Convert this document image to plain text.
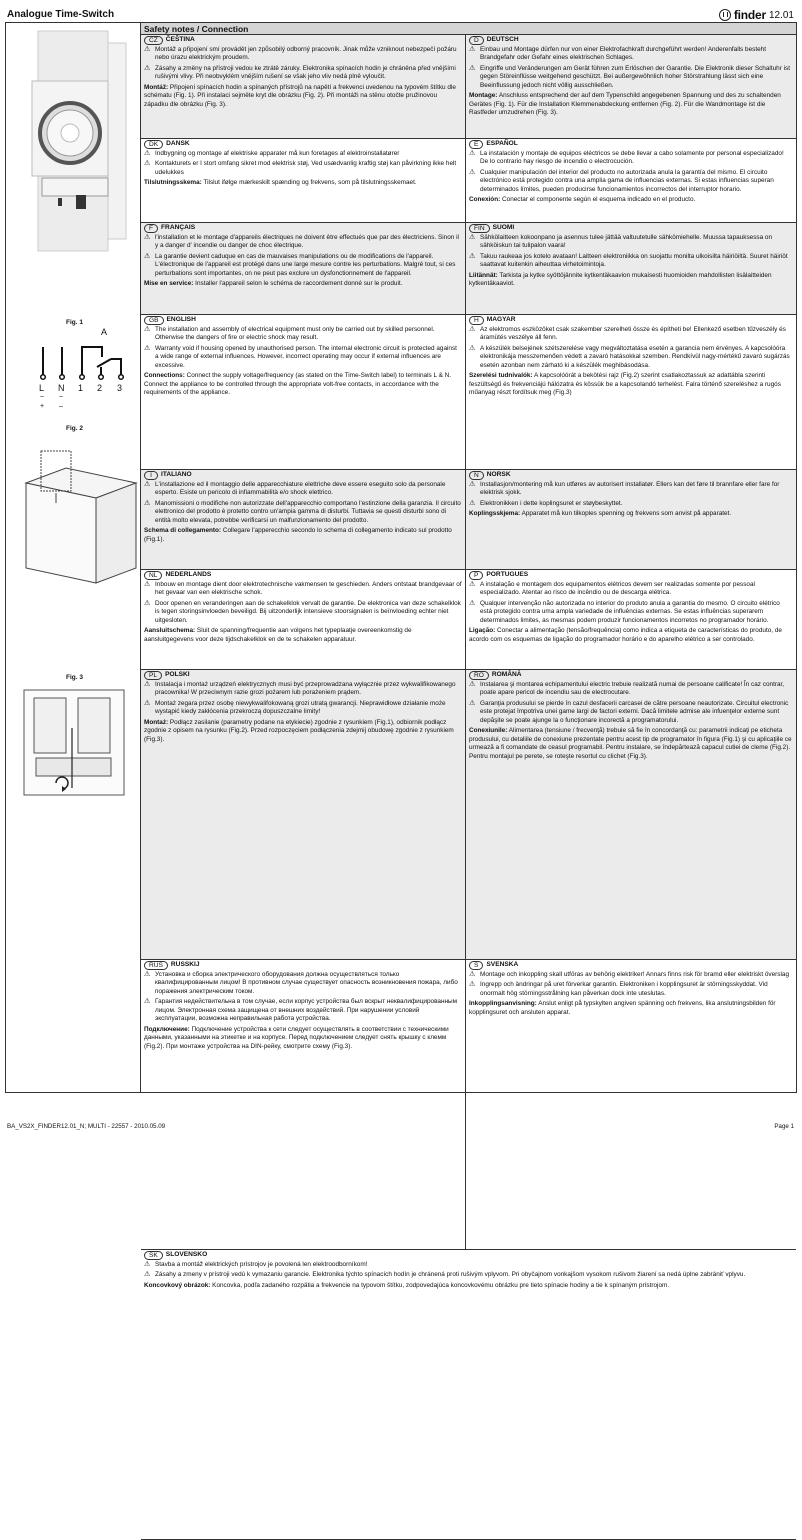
Analogue Time-Switch	finder 12.01
Fig. 1
A
L N 1 2 3
~ ~
+ –
Fig. 2
Fig. 3
Safety notes / Connection
CZ	ČEŠTINA
⚠ Montáž a připojení smí provádět jen způsobilý odborný pracovník. Jinak může vzniknout nebezpečí požáru nebo úrazu elektrickým proudem.
⚠ Zásahy a změny na přístroji vedou ke ztrátě záruky. Elektronika spínacích hodin je chráněna před vnějšími rušivými vlivy. Při neobvyklém vnějším rušení se však jeho vliv nedá plně vyloučit.
Montáž: Připojení spínacích hodin a spínaných přístrojů na napětí a frekvenci uvedenou na typovém štítku dle schématu (Fig. 1). Při instalaci sejměte kryt dle obrázku (Fig. 2). Při montáži na stěnu otočte pružinovou západku dle obrázku (Fig. 3).
D	DEUTSCH
⚠ Einbau und Montage dürfen nur von einer Elektrofachkraft durchgeführt werden! Anderenfalls besteht Brandgefahr oder Gefahr eines elektrischen Schlages.
⚠ Eingriffe und Veränderungen am Gerät führen zum Erlöschen der Garantie. Die Elektronik dieser Schaltuhr ist gegen Störeinflüsse weitgehend geschützt. Bei außergewöhnlich hoher Störstrahlung lässt sich eine Beeinflussung jedoch nicht völlig ausschließen.
Montage: Anschluss entsprechend der auf dem Typenschild angegebenen Spannung und des zu schaltenden Gerätes (Fig. 1). Für die Installation Klemmenabdeckung entfernen (Fig. 2). Für die Wandmontage ist die Rastfeder umzudrehen (Fig. 3).
DK	DANSK
⚠ Indbygning og montage af elektriske apparater må kun foretages af elektroinstallatører
⚠ Kontakturets er I stort omfang sikret mod elektrisk støj, Ved usædvanlig kraftig støj kan påvirkning ikke helt udelukkes
Tilslutningsskema: Tilslut ifølge mærkeskilt spænding og frekvens, som på tilslutningsskemaet.
E	ESPAÑOL
⚠ La instalación y montaje de equipos eléctricos se debe llevar a cabo solamente por personal especializado! De lo contrario hay riesgo de incendio o electrocución.
⚠ Cualquier manipulación del interior del producto no autorizada anula la garantía del mismo. El circuito electrónico está protegido contra una amplia gama de influencias externas. Si estas influencias superan determinados límites, pueden producirse funcionamientos incorrectos del interruptor horario.
Conexión: Conectar el componente según el esquema indicado en el producto.
F	FRANÇAIS
⚠ l'installation et le montage d'appareils électriques ne doivent être effectués que par des électriciens. Sinon il y a danger d' incendie ou danger de choc électrique.
⚠ La garantie devient caduque en cas de mauvaises manipulations ou de modifications de l'appareil. L'électronique de l'appareil est protégé dans une large mesure contre les perturbations. Malgré tout, si ces perturbations sont importantes, on ne peut pas exclure un dysfonctionnement de l'appareil.
Mise en service: Installer l'appareil selon le schéma de raccordement donné sur le produit.
FIN	SUOMI
⚠ Sähkölaitteen kokoonpano ja asennus tulee jättää valtuutetulle sähkömiehelle. Muussa tapauksessa on sähköiskun tai tulipalon vaara!
⚠ Takuu raukeaa jos kotelo avataan! Laitteen elektroniikka on suojattu monilta ulkoisilta häiriöiltä. Suuret häiriöt saattavat kuitenkin aiheuttaa virhetoimintoja.
Liitännät: Tarkista ja kytke syöttöjännite kytkentäkaavion mukaisesti huomioiden mahdollisten lisälaitteiden kytkentäkaaviot.
GB	ENGLISH
⚠ The installation and assembly of electrical equipment must only be carried out by skilled personnel. Otherwise the dangers of fire or electric shock may result.
⚠ Warranty void if housing opened by unauthorised person. The internal electronic circuit is protected against a wide range of external influences. However, incorrect operating may occur if external influences are excessive.
Connections: Connect the supply voltage/frequency (as stated on the Time-Switch label) to terminals L & N. Connect the appliance to be controlled through the appropriate volt-free contacts, in accordance with the requirements of the appliance.
H	MAGYAR
⚠ Az elektromos eszközöket csak szakember szerelheti össze és építheti be! Ellenkező esetben tűzveszély és áramütés veszélye áll fenn.
⚠ A készülék belsejének szétszerelése vagy megváltoztatása esetén a garancia nem érvényes. A kapcsolóóra elektronikája messzemenően védett a zavaró hatásokkal szemben. Rendkívül nagy-mértékű zavaró sugárzás esetén azonban nem zárható ki a készülék meghibásodása.
Szerelési tudnivalók: A kapcsolóórát a bekötési rajz (Fig.2) szerint csatlakoztassuk az adattábla szerinti feszültségű és frekvenciájú hálózatra és kössük be a kapcsolandó terhelést. Falra történő szereléshez a rugós műanyag részt fordítsuk meg (Fig.3)
I	ITALIANO
⚠ L'installazione ed il montaggio delle apparecchiature elettriche deve essere eseguito solo da personale esperto. Esiste un pericolo di infiammabilità e/o shock elettrico.
⚠ Manomissioni o modifiche non autorizzate dell'apparecchio comportano l'estinzione della garanzia. Il circuito elettronico del prodotto è protetto contro un'ampia gamma di disturbi. Tuttavia se questi disturbi sono di entità molto elevata, potrebbe verificarsi un malfunzionamento del prodotto.
Schema di collegamento: Collegare l'apperecchio secondo lo schema di collegamento indicato sul prodotto (Fig.1).
N	NORSK
⚠ Installasjon/montering må kun utføres av autorisert installatør. Ellers kan det føre til brannfare eller fare for elektrisk sjokk.
⚠ Elektronikken i dette koplingsuret er støybeskyttet.
Koplingsskjema: Apparatet må kun tilkoples spenning og frekvens som anvist på apparatet.
NL	NEDERLANDS
⚠ Inbouw en montage dient door elektrotechnische vakmensen te geschieden. Anders ontstaat brandgevaar of het gevaar van een elektrische schok.
⚠ Door openen en veranderingen aan de schakelklok vervalt de garantie. De elektronica van deze schakelklok is tegen storingsinvloeden beveiligd. Bij uitzonderlijk intensieve stoorsignalen is beïnvloeding echter niet uitgesloten.
Aansluitschema: Sluit de spanning/frequentie aan volgens het typeplaatje overeenkomstig de aansluitgegevens voor deze tijdschakelklok en de te schakelen apparatuur.
P	PORTUGUES
⚠ A instalação e montagem dos equipamentos elétricos devem ser realizadas somente por pessoal especializado. Atentar ao risco de incêndio ou de descarga elétrica.
⚠ Qualquer intervenção não autorizada no interior do produto anula a garantia do mesmo. O circuito elétrico está protegido contra uma ampla variedade de influências externas. Se estas influências superarem determinados limites, as mesmas podem produzir funcionamentos incorretos no programador horário.
Ligação: Conectar a alimentação (tensão/frequência) como indica a etiqueta de características do produto, de acordo com os esquemas de ligação do programador horário e do aparelho elétrico a ser controlado.
PL	POLSKI
⚠ Instalacja i montaż urządzeń elektrycznych musi być przeprowadzana wyłącznie przez wykwalifikowanego pracownika! W przeciwnym razie grozi pożarem lub porażeniem prądem.
⚠ Montaż zegara przez osobę niewykwalifokowaną grozi utratą gwarancji. Nieprawidłowe działanie może wystąpić kiedy zakłócenia przekroczą dopuszczalne limity!
Montaż: Podłącz zasilanie (parametry podane na etykiecie) zgodnie z rysunkiem (Fig.1), odbiornik podłącz zgodnie z opisem na rysunku (Fig.2). Przed rozpoczęciem podłączenia zdejmij obudowę zgodnie z rysunkiem (Fig.3).
RO	ROMÂNĂ
⚠ Instalarea şi montarea echipamentului electric trebuie realizată numai de persoane calificate! În caz contrar, poate apare pericol de incendiu sau de electrocutare.
⚠ Garanţia produsului se pierde în cazul desfacerii carcasei de către persoane neautorizate. Circuitul electronic este protejat împotriva unei game largi de factori externi. Dacă limitele admise ale infuenţelor externe sunt depăşite se poate ajunge la o funcţionare incorectă a programatorului.
Conexiunile: Alimentarea (tensiune / frecvenţă) trebuie să fie în concordanţă cu: parametrii indicaţi pe eticheta produsului, cu detaliile de conexiune prezentate pentru acest tip de programator în figura (Fig.1) şi cu aplicaţiile ce urmează a fi comandate de ceasul programabil. Pentru instalare, se îndepărtează capacul cutiei de cleme (Fig.2). Pentru montajul pe perete, se roteşte resortul cu clichet (Fig.3).
RUS	RUSSKIJ
⚠ Установка и сборка электрического оборудования должна осуществляться только квалифицированным лицом! В противном случае существует опасность возникновения пожара, либо поражения электрическим током.
⚠ Гарантия недействительна в том случае, если корпус устройства был вскрыт неквалифицированным лицом. Электронная схема защищена от внешних воздействий. При нарушении условий эксплуатации, возможна неправильная работа устройства.
Подключение: Подключение устройства к сети следует осуществлять в соответствии с техническими данными, указанными на этикетке и на корпусе. Перед подключением следует снять крышку с клемм (Fig.2). При монтаже устройства на DIN-рейку, смотрите схему (Fig.3).
S	SVENSKA
⚠ Montage och inkoppling skall utföras av behörig elektriker! Annars finns risk för bramd eller elektriskt överslag
⚠ Ingrepp och ändringar på uret förverkar garantin. Elektroniken i kopplingsuret är störningsskyddat. Vid onormalt hög störningsstrålning kan påverkan dock inte uteslutas.
Inkopplingsanvisning: Anslut enligt på typskylten angiven spänning och frekvens, lika anslutningsbilden för kopplingsuret och ansluten apparat.
SK	SLOVENSKO
⚠ Stavba a montáž elektrických prístrojov je povolená len elektroodborníkom!
⚠ Zásahy a zmeny v prístroji vedú k vymazaniu garancie. Elektronika týchto spínacích hodín je chránená proti rušivým vplyvom. Pri obyčajnom vonkajšom vysokom rušivom žiarení sa nedá úplne zabrániť vplyvu.
Koncovkový obrázok: Koncovka, podľa zadaného rozpätia a frekvencie na typovom štítku, zodpovedajúca koncovkovému obrázku pre tieto spínacie hodiny a tie k spínaným prístrojom.
BA_VS2X_FINDER12.01_N; MULTI - 22557 - 2010.05.09	Page 1
